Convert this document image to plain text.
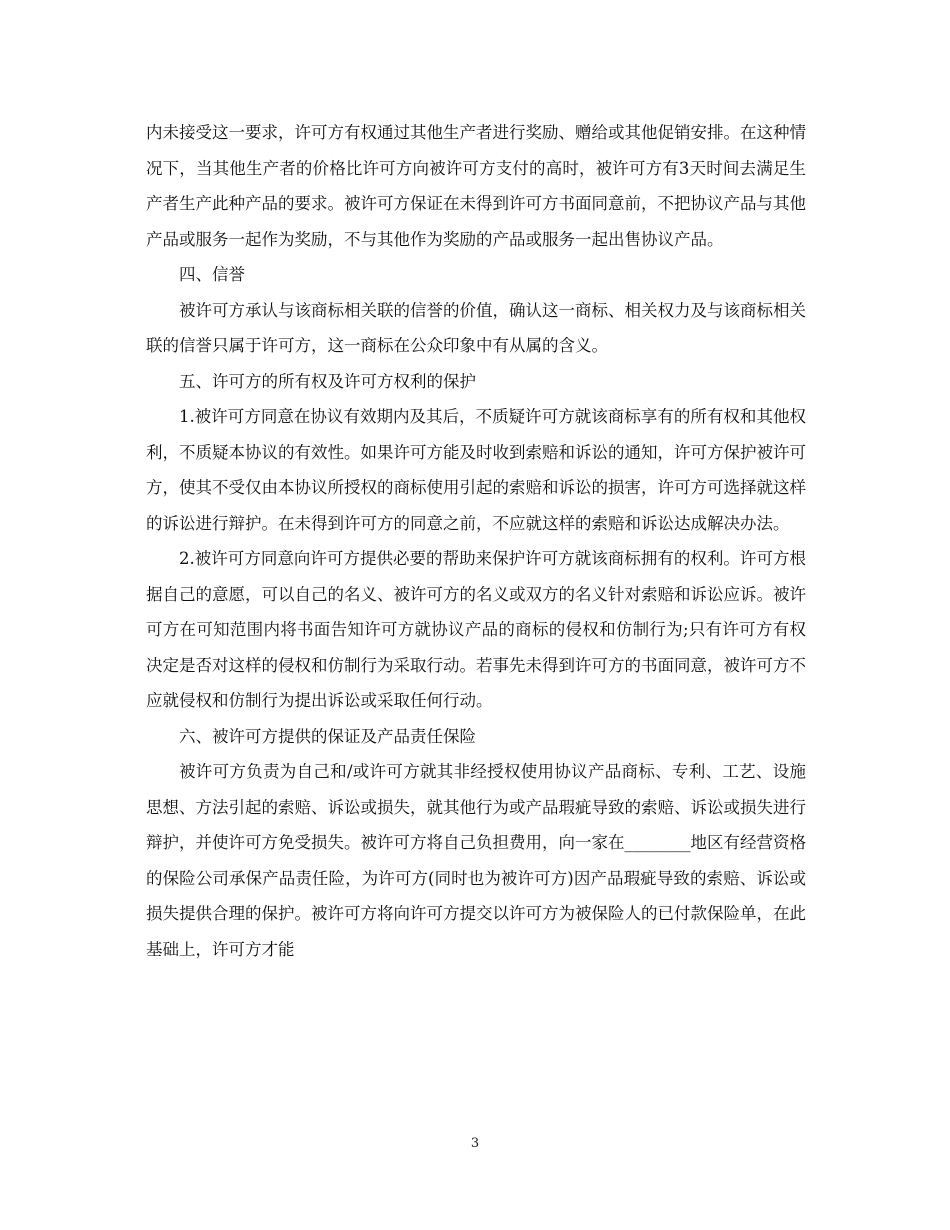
内未接受这一要求，许可方有权通过其他生产者进行奖励、赠给或其他促销安排。在这种情况下，当其他生产者的价格比许可方向被许可方支付的高时，被许可方有3天时间去满足生产者生产此种产品的要求。被许可方保证在未得到许可方书面同意前，不把协议产品与其他产品或服务一起作为奖励，不与其他作为奖励的产品或服务一起出售协议产品。

四、信誉

被许可方承认与该商标相关联的信誉的价值，确认这一商标、相关权力及与该商标相关联的信誉只属于许可方，这一商标在公众印象中有从属的含义。

五、许可方的所有权及许可方权利的保护

1.被许可方同意在协议有效期内及其后，不质疑许可方就该商标享有的所有权和其他权利，不质疑本协议的有效性。如果许可方能及时收到索赔和诉讼的通知，许可方保护被许可方，使其不受仅由本协议所授权的商标使用引起的索赔和诉讼的损害，许可方可选择就这样的诉讼进行辩护。在未得到许可方的同意之前，不应就这样的索赔和诉讼达成解决办法。

2.被许可方同意向许可方提供必要的帮助来保护许可方就该商标拥有的权利。许可方根据自己的意愿，可以自己的名义、被许可方的名义或双方的名义针对索赔和诉讼应诉。被许可方在可知范围内将书面告知许可方就协议产品的商标的侵权和仿制行为;只有许可方有权决定是否对这样的侵权和仿制行为采取行动。若事先未得到许可方的书面同意，被许可方不应就侵权和仿制行为提出诉讼或采取任何行动。

六、被许可方提供的保证及产品责任保险

被许可方负责为自己和/或许可方就其非经授权使用协议产品商标、专利、工艺、设施思想、方法引起的索赔、诉讼或损失，就其他行为或产品瑕疵导致的索赔、诉讼或损失进行辩护，并使许可方免受损失。被许可方将自己负担费用，向一家在________地区有经营资格的保险公司承保产品责任险，为许可方(同时也为被许可方)因产品瑕疵导致的索赔、诉讼或损失提供合理的保护。被许可方将向许可方提交以许可方为被保险人的已付款保险单，在此基础上，许可方才能

3
